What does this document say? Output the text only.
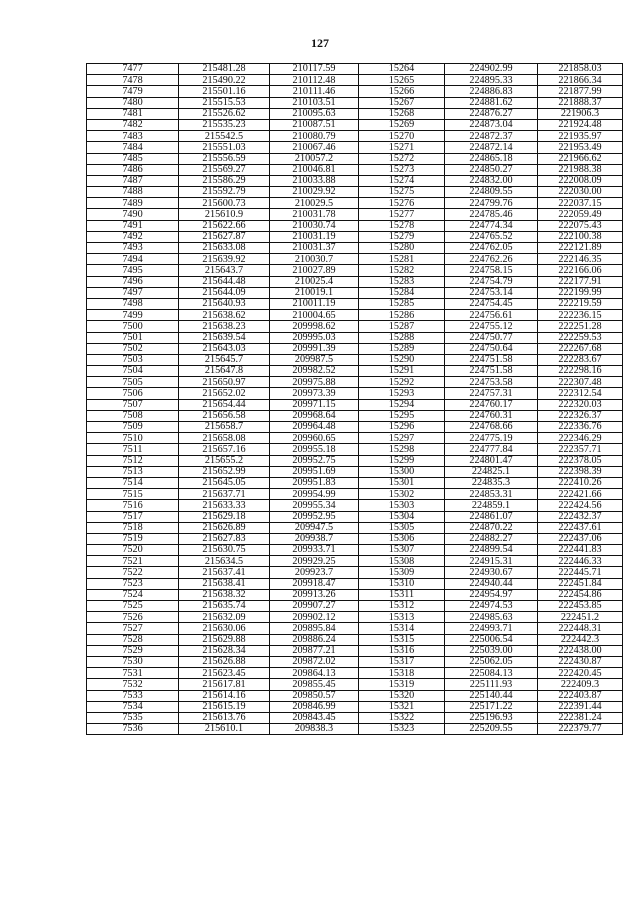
127
7477	215481.28	210117.59	15264	224902.99	221858.03
7478	215490.22	210112.48	15265	224895.33	221866.34
7479	215501.16	210111.46	15266	224886.83	221877.99
7480	215515.53	210103.51	15267	224881.62	221888.37
7481	215526.62	210095.63	15268	224876.27	221906.3
7482	215535.23	210087.51	15269	224873.04	221924.48
7483	215542.5	210080.79	15270	224872.37	221935.97
7484	215551.03	210067.46	15271	224872.14	221953.49
7485	215556.59	210057.2	15272	224865.18	221966.62
7486	215569.27	210046.81	15273	224850.27	221988.38
7487	215586.29	210033.88	15274	224832.00	222008.09
7488	215592.79	210029.92	15275	224809.55	222030.00
7489	215600.73	210029.5	15276	224799.76	222037.15
7490	215610.9	210031.78	15277	224785.46	222059.49
7491	215622.66	210030.74	15278	224774.34	222075.43
7492	215627.87	210031.19	15279	224765.52	222100.38
7493	215633.08	210031.37	15280	224762.05	222121.89
7494	215639.92	210030.7	15281	224762.26	222146.35
7495	215643.7	210027.89	15282	224758.15	222166.06
7496	215644.48	210025.4	15283	224754.79	222177.91
7497	215644.09	210019.1	15284	224753.14	222199.99
7498	215640.93	210011.19	15285	224754.45	222219.59
7499	215638.62	210004.65	15286	224756.61	222236.15
7500	215638.23	209998.62	15287	224755.12	222251.28
7501	215639.54	209995.03	15288	224750.77	222259.53
7502	215643.03	209991.39	15289	224750.64	222267.68
7503	215645.7	209987.5	15290	224751.58	222283.67
7504	215647.8	209982.52	15291	224751.58	222298.16
7505	215650.97	209975.88	15292	224753.58	222307.48
7506	215652.02	209973.39	15293	224757.31	222312.54
7507	215654.44	209971.15	15294	224760.17	222320.03
7508	215656.58	209968.64	15295	224760.31	222326.37
7509	215658.7	209964.48	15296	224768.66	222336.76
7510	215658.08	209960.65	15297	224775.19	222346.29
7511	215657.16	209955.18	15298	224777.84	222357.71
7512	215655.2	209952.75	15299	224801.47	222378.05
7513	215652.99	209951.69	15300	224825.1	222398.39
7514	215645.05	209951.83	15301	224835.3	222410.26
7515	215637.71	209954.99	15302	224853.31	222421.66
7516	215633.33	209955.34	15303	224859.1	222424.56
7517	215629.18	209952.95	15304	224861.07	222432.37
7518	215626.89	209947.5	15305	224870.22	222437.61
7519	215627.83	209938.7	15306	224882.27	222437.06
7520	215630.75	209933.71	15307	224899.54	222441.83
7521	215634.5	209929.25	15308	224915.31	222446.33
7522	215637.41	209923.7	15309	224930.67	222445.71
7523	215638.41	209918.47	15310	224940.44	222451.84
7524	215638.32	209913.26	15311	224954.97	222454.86
7525	215635.74	209907.27	15312	224974.53	222453.85
7526	215632.09	209902.12	15313	224985.63	222451.2
7527	215630.06	209895.84	15314	224993.71	222448.31
7528	215629.88	209886.24	15315	225006.54	222442.3
7529	215628.34	209877.21	15316	225039.00	222438.00
7530	215626.88	209872.02	15317	225062.05	222430.87
7531	215623.45	209864.13	15318	225084.13	222420.45
7532	215617.81	209855.45	15319	225111.93	222409.3
7533	215614.16	209850.57	15320	225140.44	222403.87
7534	215615.19	209846.99	15321	225171.22	222391.44
7535	215613.76	209843.45	15322	225196.93	222381.24
7536	215610.1	209838.3	15323	225209.55	222379.77
